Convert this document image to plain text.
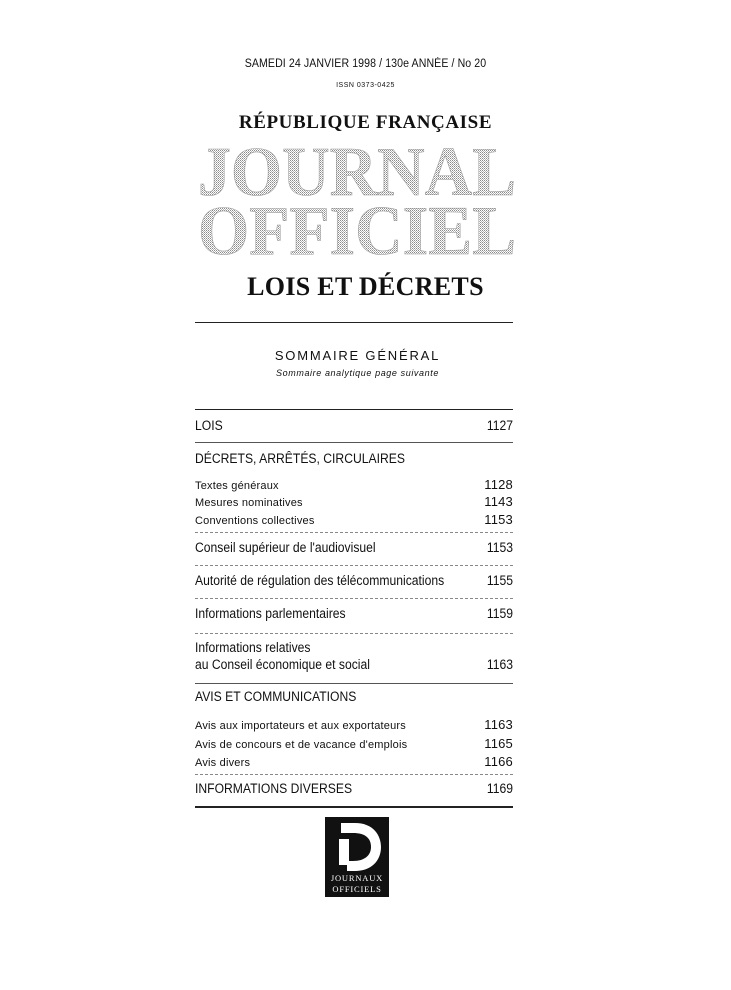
SAMEDI 24 JANVIER 1998 / 130e ANNÉE / No 20
ISSN 0373-0425
RÉPUBLIQUE FRANÇAISE
JOURNAL
OFFICIEL
LOIS ET DÉCRETS
SOMMAIRE GÉNÉRAL
Sommaire analytique page suivante
LOIS	1127
DÉCRETS, ARRÊTÉS, CIRCULAIRES
Textes généraux	1128
Mesures nominatives	1143
Conventions collectives	1153
Conseil supérieur de l'audiovisuel	1153
Autorité de régulation des télécommunications	1155
Informations parlementaires	1159
Informations relatives
au Conseil économique et social	1163
AVIS ET COMMUNICATIONS
Avis aux importateurs et aux exportateurs	1163
Avis de concours et de vacance d'emplois	1165
Avis divers	1166
INFORMATIONS DIVERSES	1169
JOURNAUX
OFFICIELS
